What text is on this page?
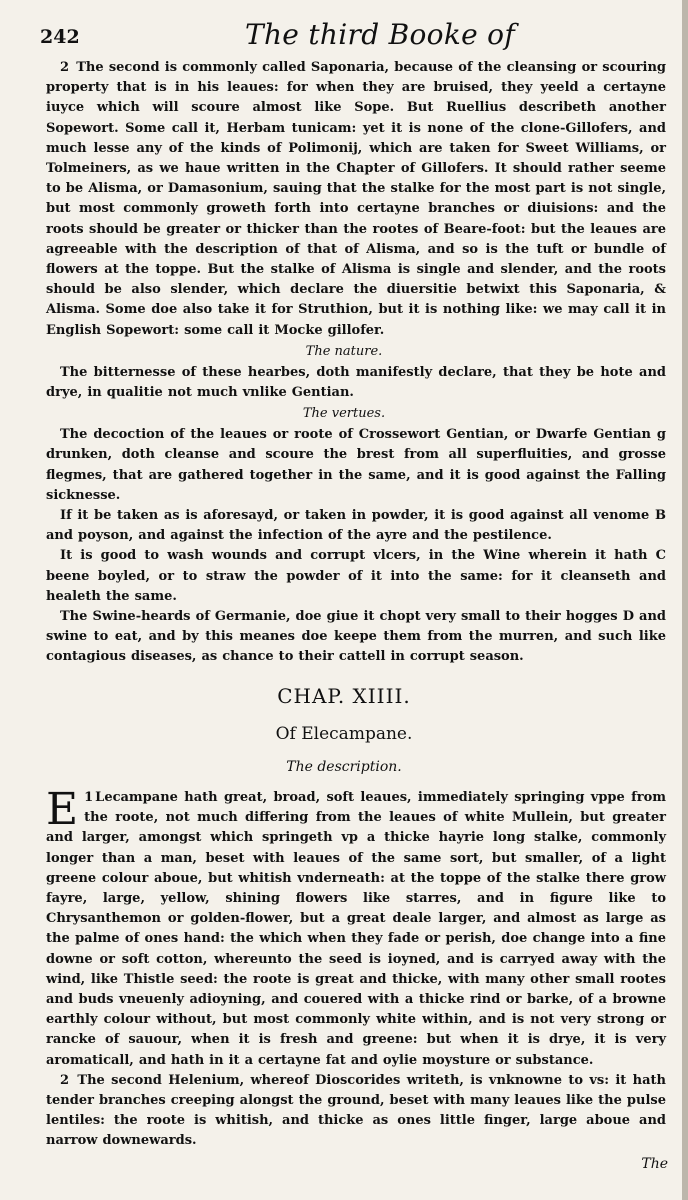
242	The third Booke of

2 The second is commonly called Saponaria, because of the cleansing or scouring property that is in his leaues: for when they are bruised, they yeeld a certayne iuyce which will scoure almost like Sope. But Ruellius describeth another Sopewort. Some call it, Herbam tunicam: yet it is none of the clone-Gillofers, and much lesse any of the kinds of Polimonij, which are taken for Sweet Williams, or Tolmeiners, as we haue written in the Chapter of Gillofers. It should rather seeme to be Alisma, or Damasonium, sauing that the stalke for the most part is not single, but most commonly groweth forth into certayne branches or diuisions: and the roots should be greater or thicker than the rootes of Beare-foot: but the leaues are agreeable with the description of that of Alisma, and so is the tuft or bundle of flowers at the toppe. But the stalke of Alisma is single and slender, and the roots should be also slender, which declare the diuersitie betwixt this Saponaria, & Alisma. Some doe also take it for Struthion, but it is nothing like: we may call it in English Sopewort: some call it Mocke gillofer.

The nature.

The bitternesse of these hearbes, doth manifestly declare, that they be hote and drye, in qualitie not much vnlike Gentian.

The vertues.

The decoction of the leaues or roote of Crossewort Gentian, or Dwarfe Gentian g drunken, doth cleanse and scoure the brest from all superfluities, and grosse flegmes, that are gathered together in the same, and it is good against the Falling sicknesse.

If it be taken as is aforesayd, or taken in powder, it is good against all venome B and poyson, and against the infection of the ayre and the pestilence.

It is good to wash wounds and corrupt vlcers, in the Wine wherein it hath C beene boyled, or to straw the powder of it into the same: for it cleanseth and healeth the same.

The Swine-heards of Germanie, doe giue it chopt very small to their hogges D and swine to eat, and by this meanes doe keepe them from the murren, and such like contagious diseases, as chance to their cattell in corrupt season.

CHAP. XIIII.
Of Elecampane.
The description.

1
E	Lecampane hath great, broad, soft leaues, immediately springing vppe from the roote, not much differing from the leaues of white Mullein, but greater and larger, amongst which springeth vp a thicke hayrie long stalke, commonly longer than a man, beset with leaues of the same sort, but smaller, of a light greene colour aboue, but whitish vnderneath: at the toppe of the stalke there grow fayre, large, yellow, shining flowers like starres, and in figure like to Chrysanthemon or golden-flower, but a great deale larger, and almost as large as the palme of ones hand: the which when they fade or perish, doe change into a fine downe or soft cotton, whereunto the seed is ioyned, and is carryed away with the wind, like Thistle seed: the roote is great and thicke, with many other small rootes and buds vneuenly adioyning, and couered with a thicke rind or barke, of a browne earthly colour without, but most commonly white within, and is not very strong or rancke of sauour, when it is fresh and greene: but when it is drye, it is very aromaticall, and hath in it a certayne fat and oylie moysture or substance.

2 The second Helenium, whereof Dioscorides writeth, is vnknowne to vs: it hath tender branches creeping alongst the ground, beset with many leaues like the pulse lentiles: the roote is whitish, and thicke as ones little finger, large aboue and narrow downewards.

The
